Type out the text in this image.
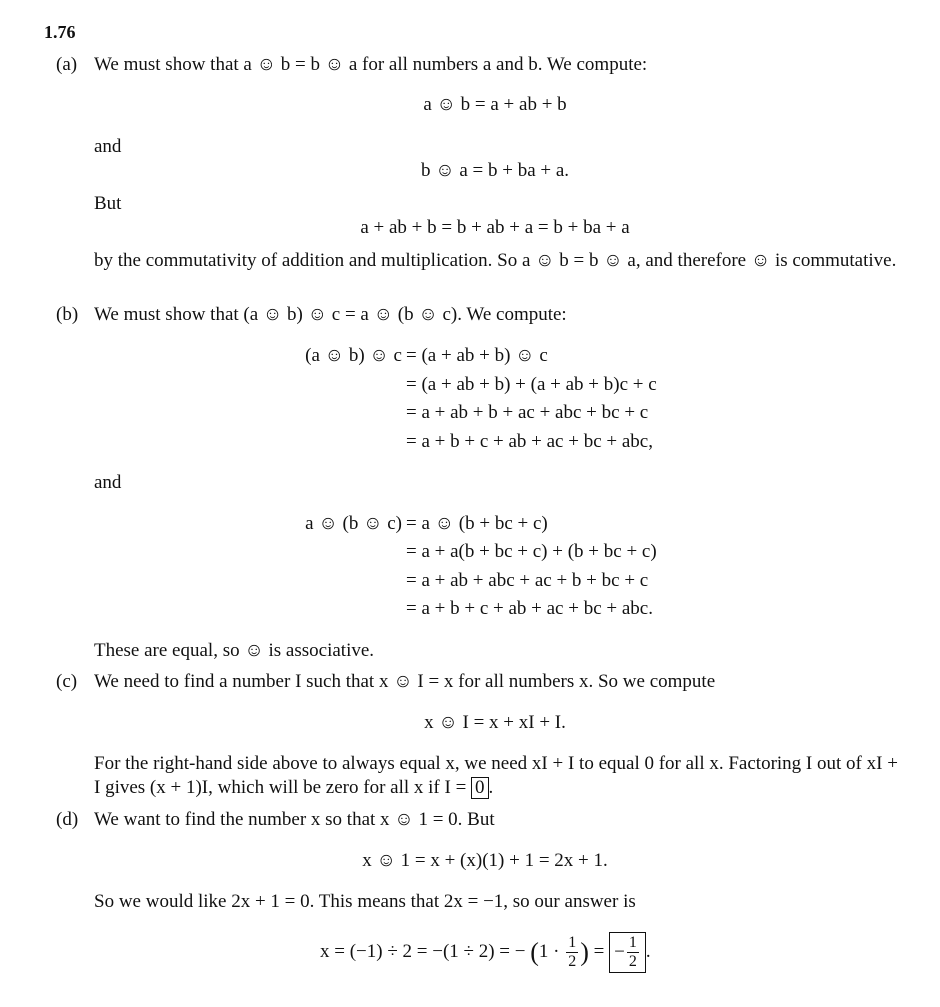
1.76
(a) We must show that a ☺ b = b ☺ a for all numbers a and b. We compute:
a ☺ b = a + ab + b
and
b ☺ a = b + ba + a.
But
a + ab + b = b + ab + a = b + ba + a
by the commutativity of addition and multiplication. So a ☺ b = b ☺ a, and therefore ☺ is commutative.
(b) We must show that (a ☺ b) ☺ c = a ☺ (b ☺ c). We compute:
(a ☺ b) ☺ c = (a + ab + b) ☺ c
= (a + ab + b) + (a + ab + b)c + c
= a + ab + b + ac + abc + bc + c
= a + b + c + ab + ac + bc + abc,
and
a ☺ (b ☺ c) = a ☺ (b + bc + c)
= a + a(b + bc + c) + (b + bc + c)
= a + ab + abc + ac + b + bc + c
= a + b + c + ab + ac + bc + abc.
These are equal, so ☺ is associative.
(c) We need to find a number I such that x ☺ I = x for all numbers x. So we compute
x ☺ I = x + xI + I.
For the right-hand side above to always equal x, we need xI + I to equal 0 for all x. Factoring I out of xI + I gives (x + 1)I, which will be zero for all x if I = 0 .
(d) We want to find the number x so that x ☺ 1 = 0. But
x ☺ 1 = x + (x)(1) + 1 = 2x + 1.
So we would like 2x + 1 = 0. This means that 2x = −1, so our answer is
x = (−1) ÷ 2 = −(1 ÷ 2) = − ($1 \cdot \frac{1}{2}$ ) = − $\frac{1}{2}$ .
